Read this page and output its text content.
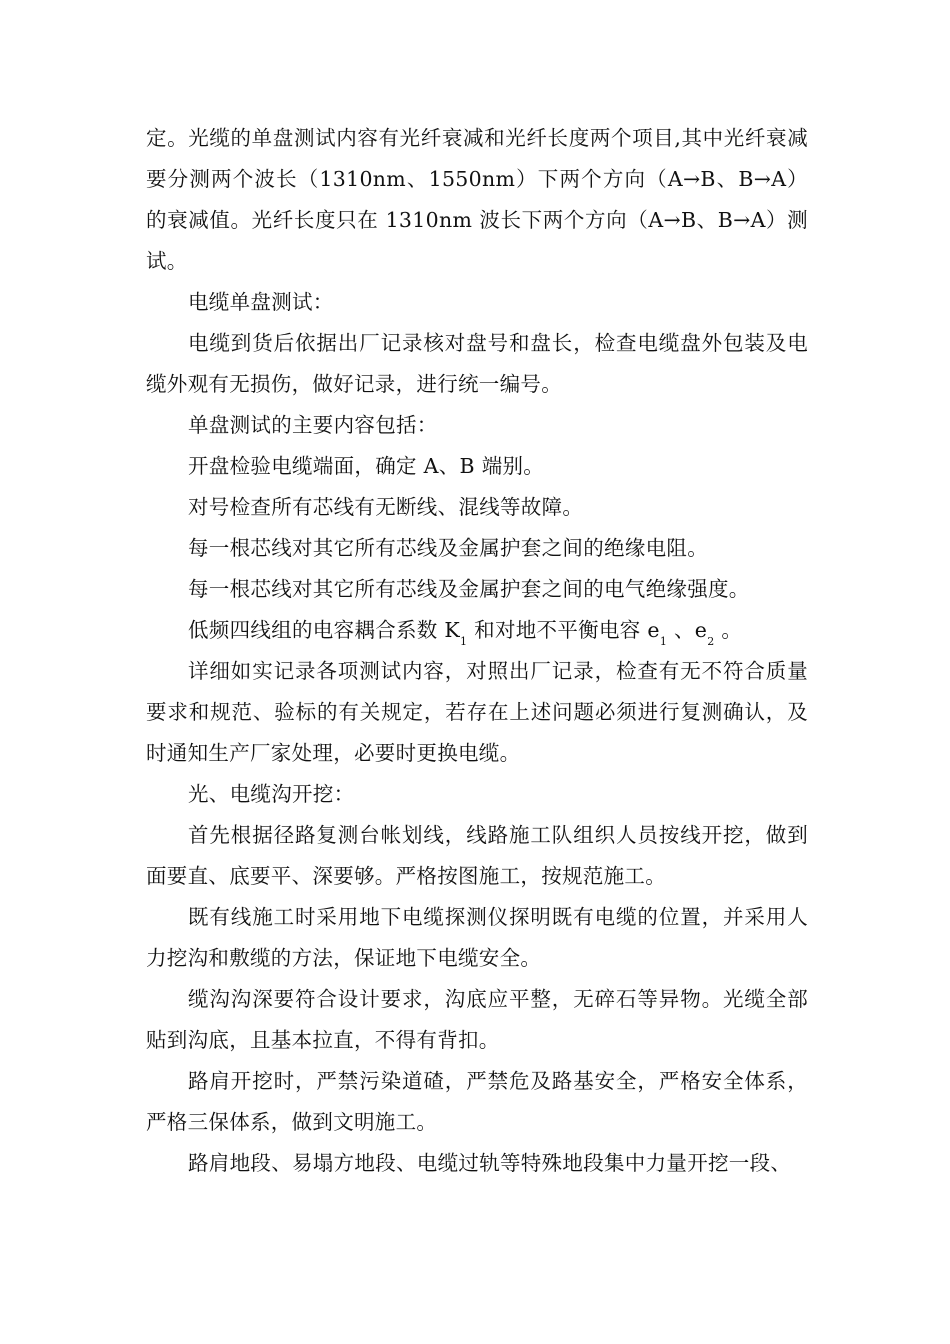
定。光缆的单盘测试内容有光纤衰减和光纤长度两个项目,其中光纤衰减要分测两个波长（1310nm、1550nm）下两个方向（A→B、B→A）的衰减值。光纤长度只在 1310nm 波长下两个方向（A→B、B→A）测试。

电缆单盘测试：

电缆到货后依据出厂记录核对盘号和盘长，检查电缆盘外包装及电缆外观有无损伤，做好记录，进行统一编号。

单盘测试的主要内容包括：

开盘检验电缆端面，确定 A、B 端别。

对号检查所有芯线有无断线、混线等故障。

每一根芯线对其它所有芯线及金属护套之间的绝缘电阻。

每一根芯线对其它所有芯线及金属护套之间的电气绝缘强度。

低频四线组的电容耦合系数 $K_1$ 和对地不平衡电容 $e_1$ 、$e_2$ 。

详细如实记录各项测试内容，对照出厂记录，检查有无不符合质量要求和规范、验标的有关规定，若存在上述问题必须进行复测确认，及时通知生产厂家处理，必要时更换电缆。

光、电缆沟开挖：

首先根据径路复测台帐划线，线路施工队组织人员按线开挖，做到面要直、底要平、深要够。严格按图施工，按规范施工。

既有线施工时采用地下电缆探测仪探明既有电缆的位置，并采用人力挖沟和敷缆的方法，保证地下电缆安全。

缆沟沟深要符合设计要求，沟底应平整，无碎石等异物。光缆全部贴到沟底，且基本拉直，不得有背扣。

路肩开挖时，严禁污染道碴，严禁危及路基安全，严格安全体系，严格三保体系，做到文明施工。

路肩地段、易塌方地段、电缆过轨等特殊地段集中力量开挖一段、
